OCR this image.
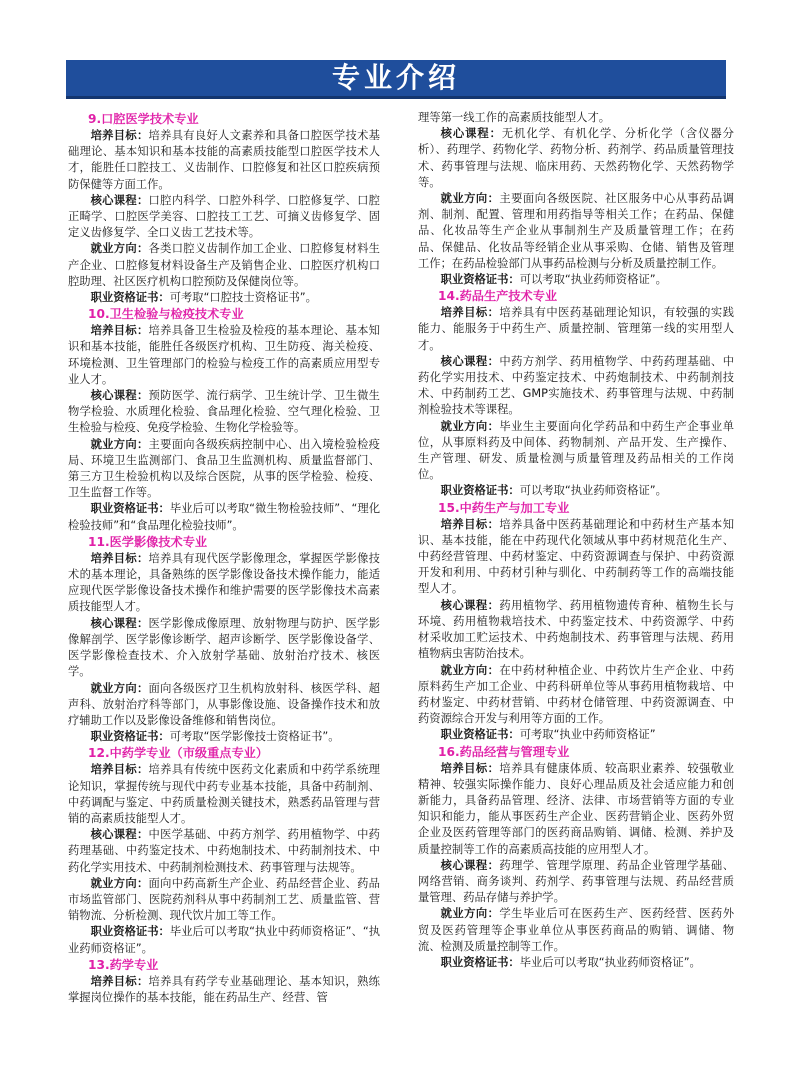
专业介绍
9.口腔医学技术专业

培养目标：培养具有良好人文素养和具备口腔医学技术基础理论、基本知识和基本技能的高素质技能型口腔医学技术人才，能胜任口腔技工、义齿制作、口腔修复和社区口腔疾病预防保健等方面工作。

核心课程：口腔内科学、口腔外科学、口腔修复学、口腔正畸学、口腔医学美容、口腔技工工艺、可摘义齿修复学、固定义齿修复学、全口义齿工艺技术等。

就业方向：各类口腔义齿制作加工企业、口腔修复材料生产企业、口腔修复材料设备生产及销售企业、口腔医疗机构口腔助理、社区医疗机构口腔预防及保健岗位等。

职业资格证书：可考取“口腔技士资格证书”。

10.卫生检验与检疫技术专业

培养目标：培养具备卫生检验及检疫的基本理论、基本知识和基本技能，能胜任各级医疗机构、卫生防疫、海关检疫、环境检测、卫生管理部门的检验与检疫工作的高素质应用型专业人才。

核心课程：预防医学、流行病学、卫生统计学、卫生微生物学检验、水质理化检验、食品理化检验、空气理化检验、卫生检验与检疫、免疫学检验、生物化学检验等。

就业方向：主要面向各级疾病控制中心、出入境检验检疫局、环境卫生监测部门、食品卫生监测机构、质量监督部门、第三方卫生检验机构以及综合医院，从事的医学检验、检疫、卫生监督工作等。

职业资格证书：毕业后可以考取“微生物检验技师”、“理化检验技师”和“食品理化检验技师”。

11.医学影像技术专业

培养目标：培养具有现代医学影像理念，掌握医学影像技术的基本理论，具备熟练的医学影像设备技术操作能力，能适应现代医学影像设备技术操作和维护需要的医学影像技术高素质技能型人才。

核心课程：医学影像成像原理、放射物理与防护、医学影像解剖学、医学影像诊断学、超声诊断学、医学影像设备学、医学影像检查技术、介入放射学基础、放射治疗技术、核医学。

就业方向：面向各级医疗卫生机构放射科、核医学科、超声科、放射治疗科等部门，从事影像设施、设备操作技术和放疗辅助工作以及影像设备维修和销售岗位。

职业资格证书：可考取“医学影像技士资格证书”。

12.中药学专业（市级重点专业）

培养目标：培养具有传统中医药文化素质和中药学系统理论知识，掌握传统与现代中药专业基本技能，具备中药制剂、中药调配与鉴定、中药质量检测关键技术，熟悉药品管理与营销的高素质技能型人才。

核心课程：中医学基础、中药方剂学、药用植物学、中药药理基础、中药鉴定技术、中药炮制技术、中药制剂技术、中药化学实用技术、中药制剂检测技术、药事管理与法规等。

就业方向：面向中药高新生产企业、药品经营企业、药品市场监管部门、医院药剂科从事中药制剂工艺、质量监管、营销物流、分析检测、现代饮片加工等工作。

职业资格证书：毕业后可以考取“执业中药师资格证”、“执业药师资格证”。

13.药学专业

培养目标：培养具有药学专业基础理论、基本知识，熟练掌握岗位操作的基本技能，能在药品生产、经营、管

理等第一线工作的高素质技能型人才。

核心课程：无机化学、有机化学、分析化学（含仪器分析）、药理学、药物化学、药物分析、药剂学、药品质量管理技术、药事管理与法规、临床用药、天然药物化学、天然药物学等。

就业方向：主要面向各级医院、社区服务中心从事药品调剂、制剂、配置、管理和用药指导等相关工作；在药品、保健品、化妆品等生产企业从事制剂生产及质量管理工作；在药品、保健品、化妆品等经销企业从事采购、仓储、销售及管理工作；在药品检验部门从事药品检测与分析及质量控制工作。

职业资格证书：可以考取“执业药师资格证”。

14.药品生产技术专业

培养目标：培养具有中医药基础理论知识，有较强的实践能力、能服务于中药生产、质量控制、管理第一线的实用型人才。

核心课程：中药方剂学、药用植物学、中药药理基础、中药化学实用技术、中药鉴定技术、中药炮制技术、中药制剂技术、中药制药工艺、GMP实施技术、药事管理与法规、中药制剂检验技术等课程。

就业方向：毕业生主要面向化学药品和中药生产企事业单位，从事原料药及中间体、药物制剂、产品开发、生产操作、生产管理、研发、质量检测与质量管理及药品相关的工作岗位。

职业资格证书：可以考取“执业药师资格证”。

15.中药生产与加工专业

培养目标：培养具备中医药基础理论和中药材生产基本知识、基本技能，能在中药现代化领域从事中药材规范化生产、中药经营管理、中药材鉴定、中药资源调查与保护、中药资源开发和利用、中药材引种与驯化、中药制药等工作的高端技能型人才。

核心课程：药用植物学、药用植物遗传育种、植物生长与环境、药用植物栽培技术、中药鉴定技术、中药资源学、中药材采收加工贮运技术、中药炮制技术、药事管理与法规、药用植物病虫害防治技术。

就业方向：在中药材种植企业、中药饮片生产企业、中药原料药生产加工企业、中药科研单位等从事药用植物栽培、中药材鉴定、中药材营销、中药材仓储管理、中药资源调查、中药资源综合开发与利用等方面的工作。

职业资格证书：可考取“执业中药师资格证”

16.药品经营与管理专业

培养目标：培养具有健康体质、较高职业素养、较强敬业精神、较强实际操作能力、良好心理品质及社会适应能力和创新能力，具备药品管理、经济、法律、市场营销等方面的专业知识和能力，能从事医药生产企业、医药营销企业、医药外贸企业及医药管理等部门的医药商品购销、调储、检测、养护及质量控制等工作的高素质高技能的应用型人才。

核心课程：药理学、管理学原理、药品企业管理学基础、网络营销、商务谈判、药剂学、药事管理与法规、药品经营质量管理、药品存储与养护学。

就业方向：学生毕业后可在医药生产、医药经营、医药外贸及医药管理等企事业单位从事医药商品的购销、调储、物流、检测及质量控制等工作。

职业资格证书：毕业后可以考取“执业药师资格证”。
